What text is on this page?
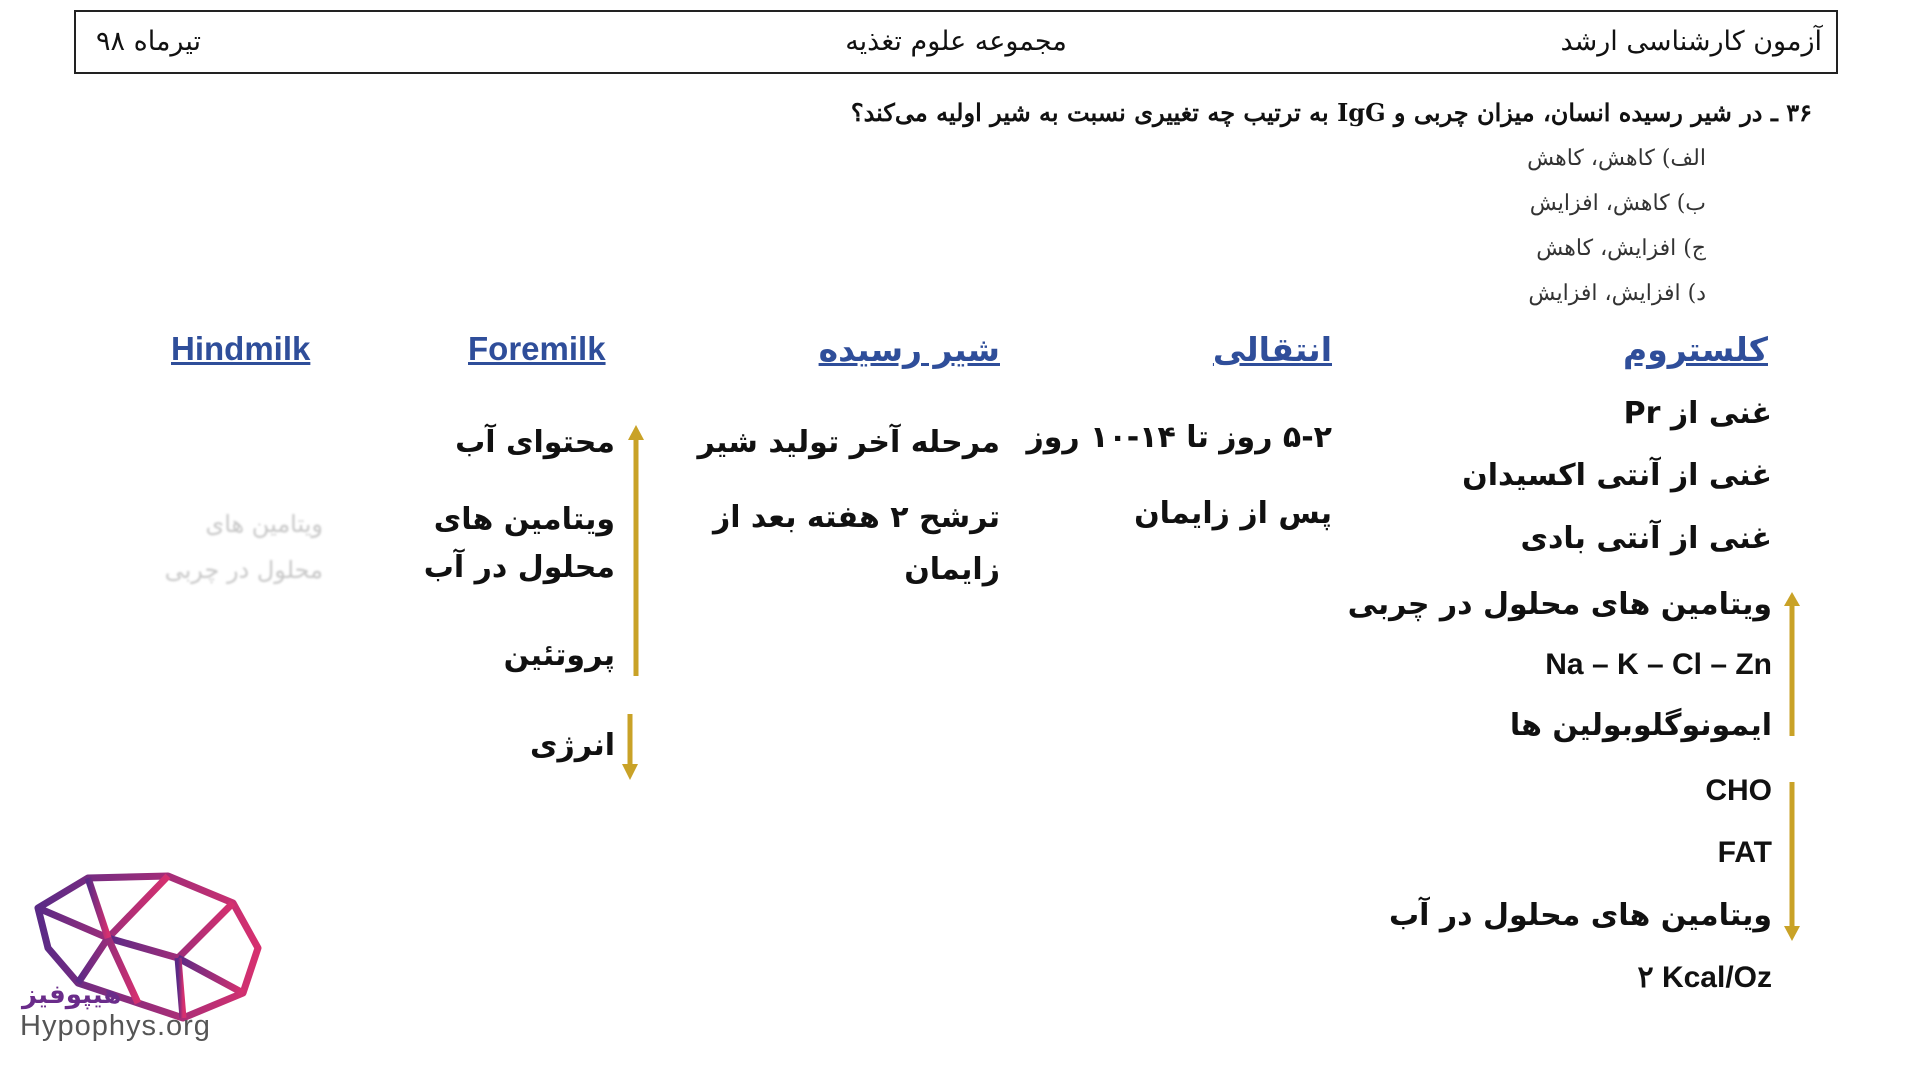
آزمون کارشناسی ارشد
مجموعه علوم تغذیه
تیرماه ۹۸
۳۶ ـ در شیر رسیده انسان، میزان چربی و IgG به ترتیب چه تغییری نسبت به شیر اولیه می‌کند؟
الف) کاهش، کاهش
ب) کاهش، افزایش
ج) افزایش، کاهش
د) افزایش، افزایش
کلستروم
انتقالی
شیر رسیده
Foremilk
Hindmilk
غنی از Pr
غنی از آنتی اکسیدان
غنی از آنتی بادی
ویتامین های محلول در چربی
Na – K – Cl – Zn
ایمونوگلوبولین ها
CHO
FAT
ویتامین های محلول در آب
۲ Kcal/Oz
۵-۲ روز تا ۱۴-۱۰ روز
پس از زایمان
مرحله آخر تولید شیر
ترشح ۲ هفته بعد از
زایمان
محتوای آب
ویتامین های
محلول در آب
پروتئین
انرژی
ویتامین های
محلول در چربی
هیپوفیز
Hypophys.org
